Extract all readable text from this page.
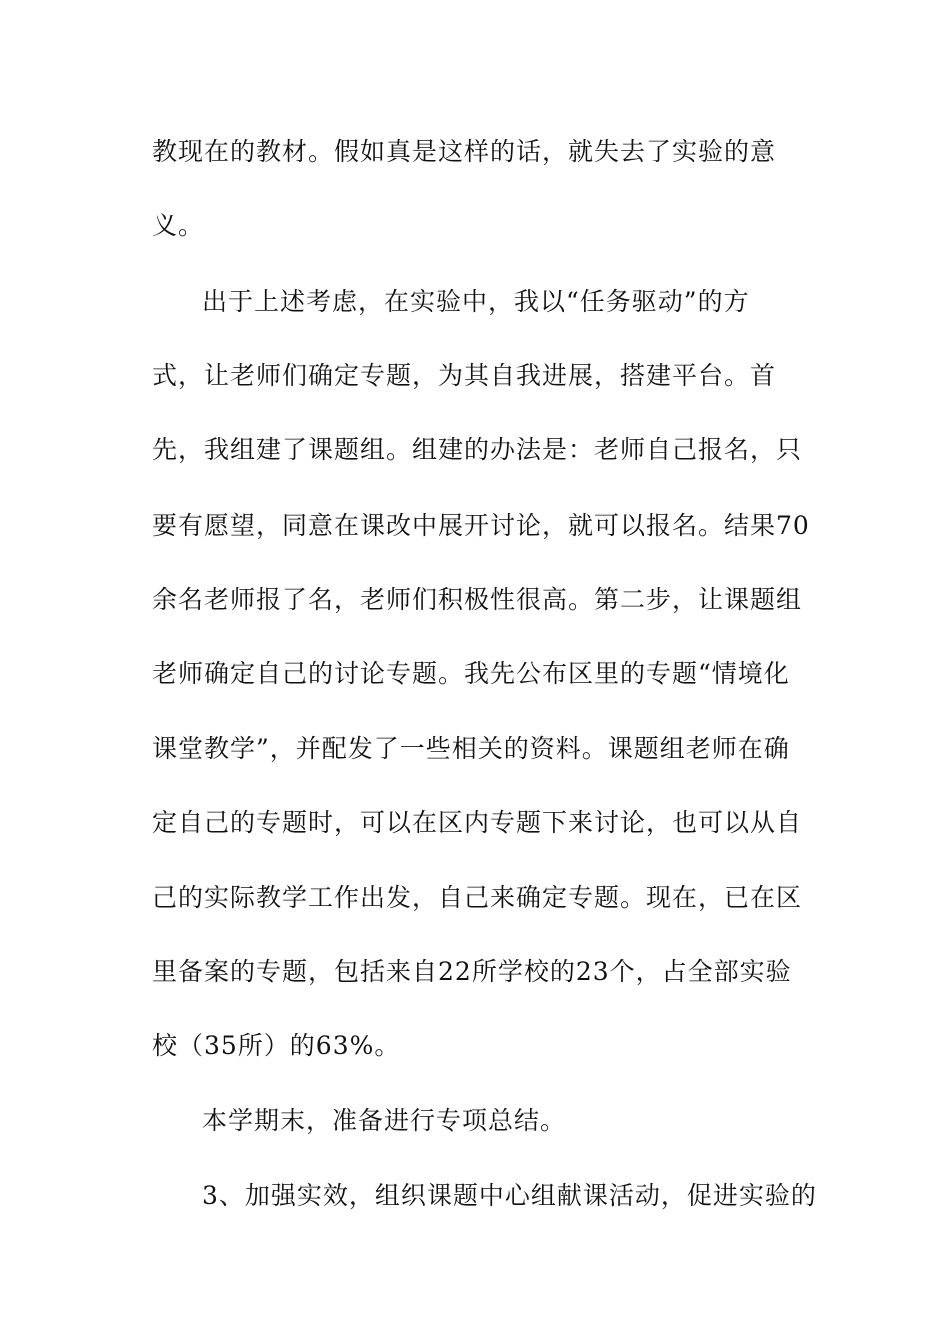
教现在的教材。假如真是这样的话，就失去了实验的意
义。
出于上述考虑，在实验中，我以“任务驱动”的方
式，让老师们确定专题，为其自我进展，搭建平台。首
先，我组建了课题组。组建的办法是：老师自己报名，只
要有愿望，同意在课改中展开讨论，就可以报名。结果70
余名老师报了名，老师们积极性很高。第二步，让课题组
老师确定自己的讨论专题。我先公布区里的专题“情境化
课堂教学”，并配发了一些相关的资料。课题组老师在确
定自己的专题时，可以在区内专题下来讨论，也可以从自
己的实际教学工作出发，自己来确定专题。现在，已在区
里备案的专题，包括来自22所学校的23个，占全部实验
校（35所）的63%。
本学期末，准备进行专项总结。
3、加强实效，组织课题中心组献课活动，促进实验的
